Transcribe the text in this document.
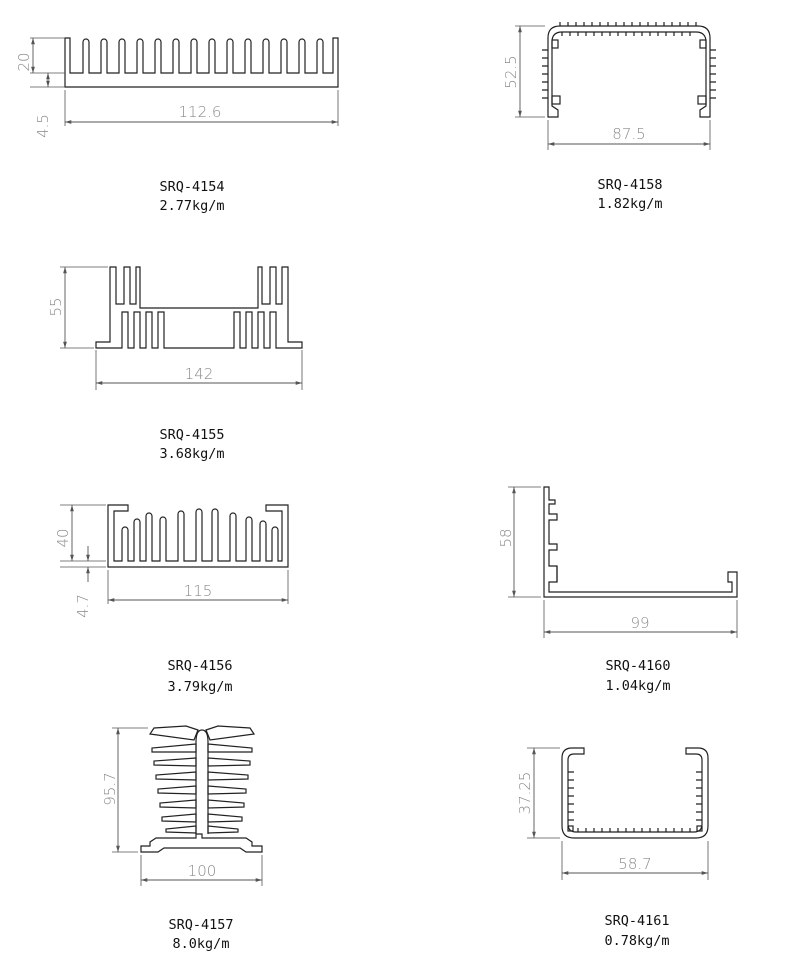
112.6
20
4.5
SRQ-4154
2.77kg/m
87.5
52.5
SRQ-4158
1.82kg/m
142
55
SRQ-4155
3.68kg/m
115
40
4.7
SRQ-4156
3.79kg/m
99
58
SRQ-4160
1.04kg/m
100
95.7
SRQ-4157
8.0kg/m
58.7
37.25
SRQ-4161
0.78kg/m
